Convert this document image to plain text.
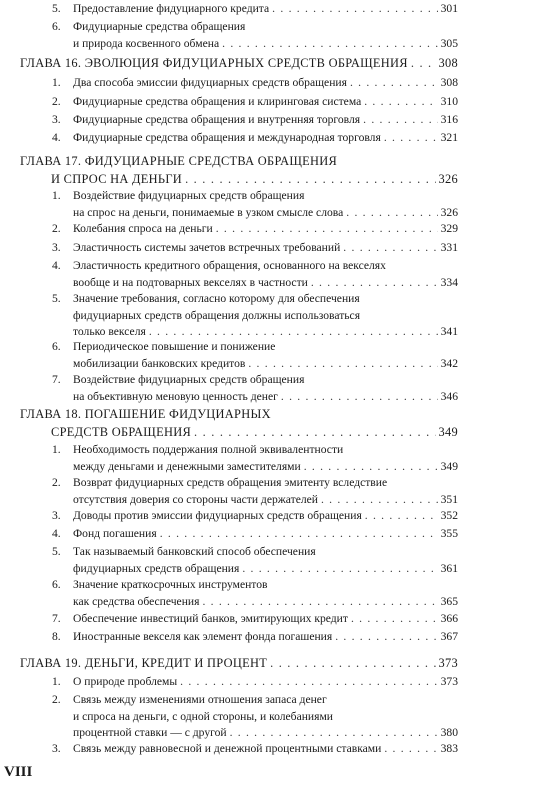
5. Предоставление фидуциарного кредита . . .	301
6. Фидуциарные средства обращения
и природа косвенного обмена . . .	305
ГЛАВА 16. ЭВОЛЮЦИЯ ФИДУЦИАРНЫХ СРЕДСТВ ОБРАЩЕНИЯ . . . 308
1. Два способа эмиссии фидуциарных средств обращения . . .	308
2. Фидуциарные средства обращения и клиринговая система . . .	310
3. Фидуциарные средства обращения и внутренняя торговля . . .	316
4. Фидуциарные средства обращения и международная торговля . . .	321
ГЛАВА 17. ФИДУЦИАРНЫЕ СРЕДСТВА ОБРАЩЕНИЯ
И СПРОС НА ДЕНЬГИ . . .	326
1. Воздействие фидуциарных средств обращения
на спрос на деньги, понимаемые в узком смысле слова . . .	326
2. Колебания спроса на деньги . . .	329
3. Эластичность системы зачетов встречных требований . . .	331
4. Эластичность кредитного обращения, основанного на векселях
вообще и на подтоварных векселях в частности . . .	334
5. Значение требования, согласно которому для обеспечения
фидуциарных средств обращения должны использоваться
только векселя . . .	341
6. Периодическое повышение и понижение
мобилизации банковских кредитов . . .	342
7. Воздействие фидуциарных средств обращения
на объективную меновую ценность денег . . .	346
ГЛАВА 18. ПОГАШЕНИЕ ФИДУЦИАРНЫХ
СРЕДСТВ ОБРАЩЕНИЯ . . .	349
1. Необходимость поддержания полной эквивалентности
между деньгами и денежными заместителями . . .	349
2. Возврат фидуциарных средств обращения эмитенту вследствие
отсутствия доверия со стороны части держателей . . .	351
3. Доводы против эмиссии фидуциарных средств обращения . . .	352
4. Фонд погашения . . .	355
5. Так называемый банковский способ обеспечения
фидуциарных средств обращения . . .	361
6. Значение краткосрочных инструментов
как средства обеспечения . . .	365
7. Обеспечение инвестиций банков, эмитирующих кредит . . .	366
8. Иностранные векселя как элемент фонда погашения . . .	367
ГЛАВА 19. ДЕНЬГИ, КРЕДИТ И ПРОЦЕНТ . . .	373
1. О природе проблемы . . .	373
2. Связь между изменениями отношения запаса денег
и спроса на деньги, с одной стороны, и колебаниями
процентной ставки — с другой . . .	380
3. Связь между равновесной и денежной процентными ставками . . .	383
VIII
